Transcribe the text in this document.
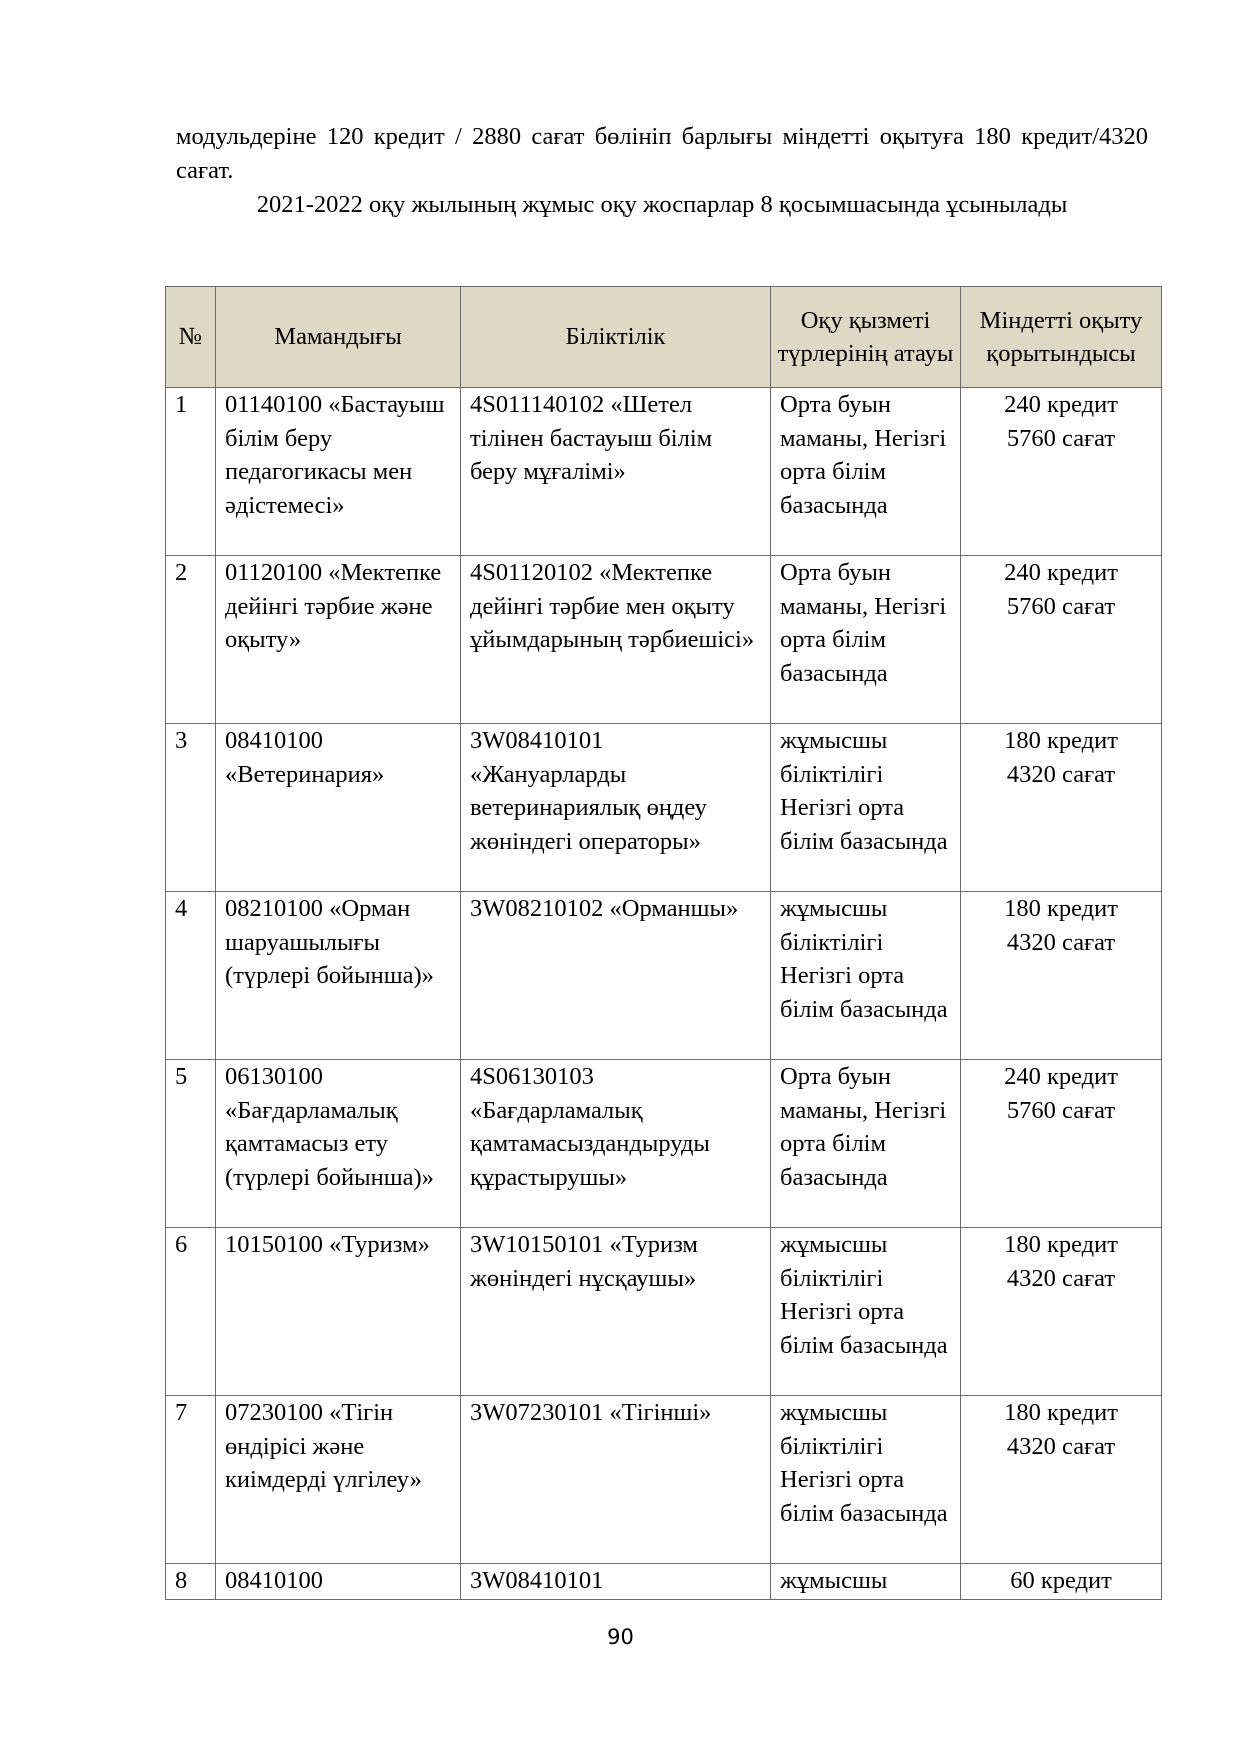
модульдеріне 120 кредит / 2880 сағат бөлініп барлығы міндетті оқытуға 180 кредит/4320 сағат.
2021-2022 оқу жылының жұмыс оқу жоспарлар 8 қосымшасында ұсынылады
№	Мамандығы	Біліктілік	Оқу қызметі түрлерінің атауы	Міндетті оқыту қорытындысы
1	01140100 «Бастауыш білім беру педагогикасы мен әдістемесі»	4S011140102 «Шетел тілінен бастауыш білім беру мұғалімі»	Орта буын маманы, Негізгі орта білім базасында	240 кредит
5760 сағат

2	01120100 «Мектепке дейінгі тәрбие және оқыту»	4S01120102 «Мектепке дейінгі тәрбие мен оқыту ұйымдарының тәрбиешісі»	Орта буын маманы, Негізгі орта білім базасында	240 кредит
5760 сағат

3	08410100 «Ветеринария»	3W08410101 «Жануарларды ветеринариялық өңдеу жөніндегі операторы»	жұмысшы біліктілігі Негізгі орта білім базасында	180 кредит
4320 сағат

4	08210100 «Орман шаруашылығы (түрлері бойынша)»	3W08210102 «Орманшы»	жұмысшы біліктілігі Негізгі орта білім базасында	180 кредит
4320 сағат

5	06130100 «Бағдарламалық қамтамасыз ету (түрлері бойынша)»	4S06130103 «Бағдарламалық қамтамасыздандыруды құрастырушы»	Орта буын маманы, Негізгі орта білім базасында	240 кредит
5760 сағат

6	10150100 «Туризм»	3W10150101 «Туризм жөніндегі нұсқаушы»	жұмысшы біліктілігі Негізгі орта білім базасында	180 кредит
4320 сағат

7	07230100 «Тігін өндірісі және киімдерді үлгілеу»	3W07230101 «Тігінші»	жұмысшы біліктілігі Негізгі орта білім базасында	180 кредит
4320 сағат

8	08410100	3W08410101	жұмысшы	60 кредит
90
